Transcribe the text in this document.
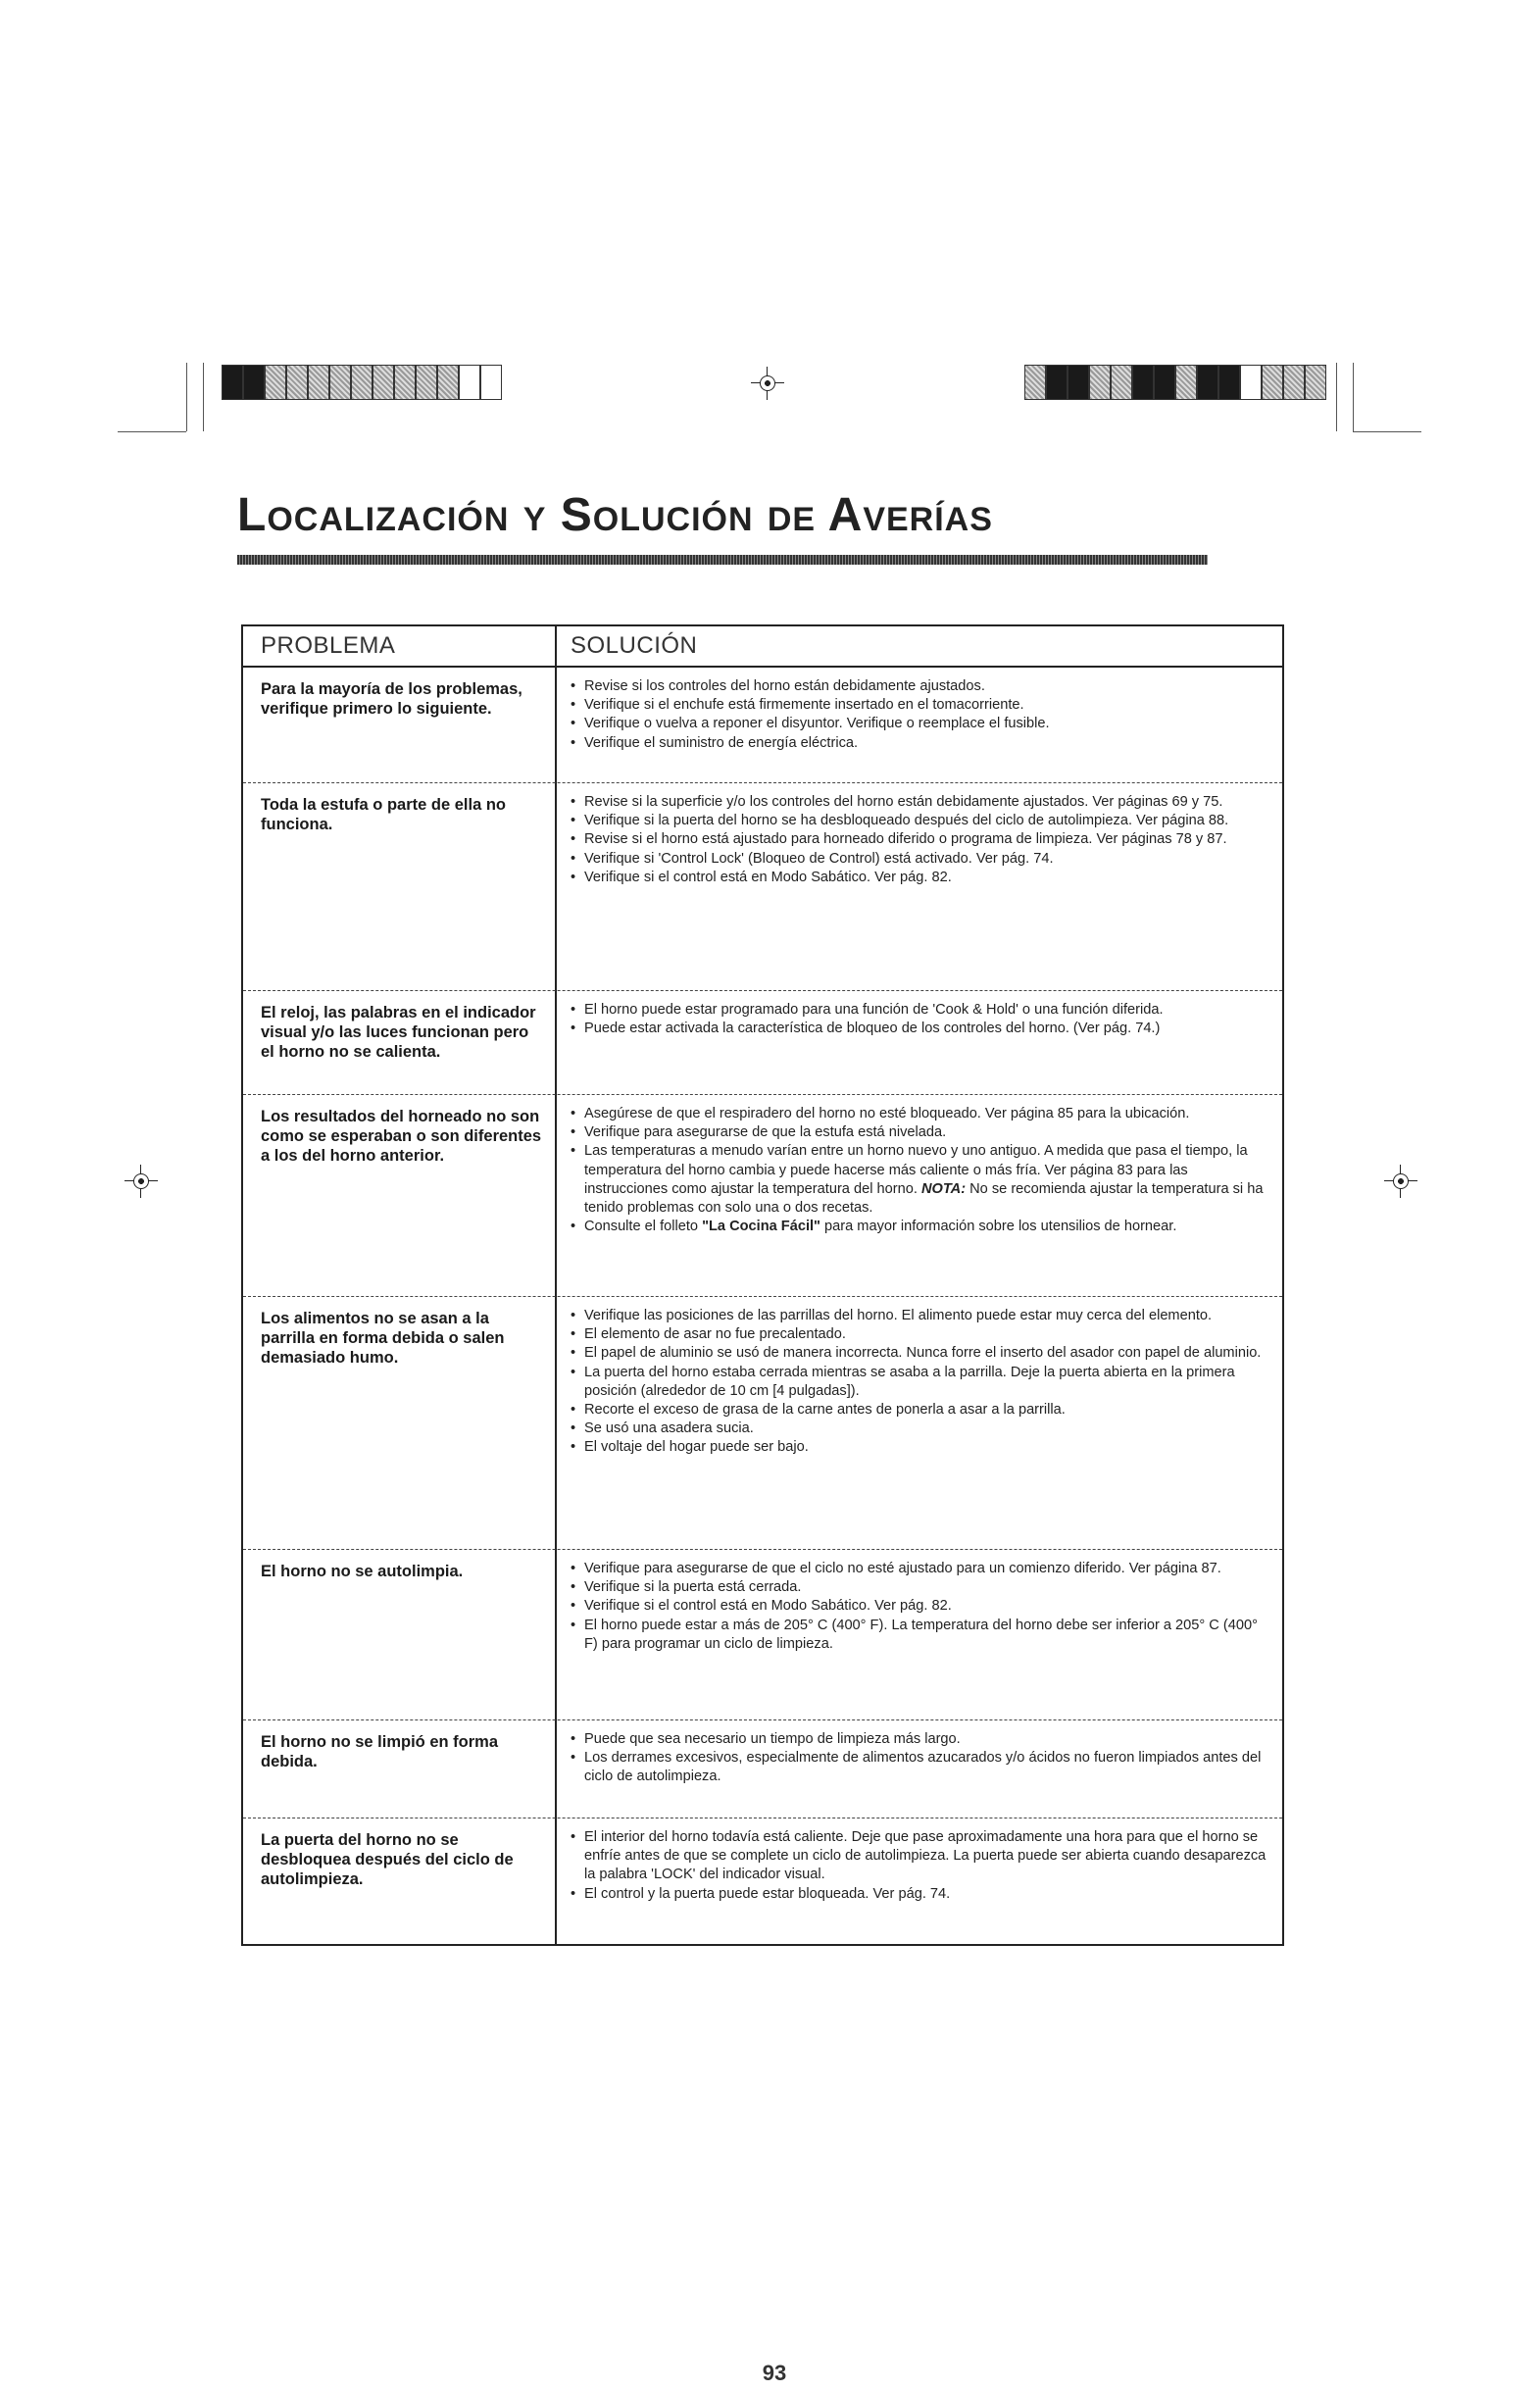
Localización y Solución de Averías
PROBLEMA	SOLUCIÓN
Para la mayoría de los problemas, verifique primero lo siguiente.
• Revise si los controles del horno están debidamente ajustados.
• Verifique si el enchufe está firmemente insertado en el tomacorriente.
• Verifique o vuelva a reponer el disyuntor. Verifique o reemplace el fusible.
• Verifique el suministro de energía eléctrica.
Toda la estufa o parte de ella no funciona.
• Revise si la superficie y/o los controles del horno están debidamente ajustados. Ver páginas 69 y 75.
• Verifique si la puerta del horno se ha desbloqueado después del ciclo de autolimpieza. Ver página 88.
• Revise si el horno está ajustado para horneado diferido o programa de limpieza. Ver páginas 78 y 87.
• Verifique si 'Control Lock' (Bloqueo de Control) está activado. Ver pág. 74.
• Verifique si el control está en Modo Sabático. Ver pág. 82.
El reloj, las palabras en el indicador visual y/o las luces funcionan pero el horno no se calienta.
• El horno puede estar programado para una función de 'Cook & Hold' o una función diferida.
• Puede estar activada la característica de bloqueo de los controles del horno. (Ver pág. 74.)
Los resultados del horneado no son como se esperaban o son diferentes a los del horno anterior.
• Asegúrese de que el respiradero del horno no esté bloqueado. Ver página 85 para la ubicación.
• Verifique para asegurarse de que la estufa está nivelada.
• Las temperaturas a menudo varían entre un horno nuevo y uno antiguo. A medida que pasa el tiempo, la temperatura del horno cambia y puede hacerse más caliente o más fría. Ver página 83 para las instrucciones como ajustar la temperatura del horno. NOTA: No se recomienda ajustar la temperatura si ha tenido problemas con solo una o dos recetas.
• Consulte el folleto "La Cocina Fácil" para mayor información sobre los utensilios de hornear.
Los alimentos no se asan a la parrilla en forma debida o salen demasiado humo.
• Verifique las posiciones de las parrillas del horno. El alimento puede estar muy cerca del elemento.
• El elemento de asar no fue precalentado.
• El papel de aluminio se usó de manera incorrecta. Nunca forre el inserto del asador con papel de aluminio.
• La puerta del horno estaba cerrada mientras se asaba a la parrilla. Deje la puerta abierta en la primera posición (alrededor de 10 cm [4 pulgadas]).
• Recorte el exceso de grasa de la carne antes de ponerla a asar a la parrilla.
• Se usó una asadera sucia.
• El voltaje del hogar puede ser bajo.
El horno no se autolimpia.
•	Verifique para asegurarse de que el ciclo no esté ajustado para un comienzo diferido. Ver página 87.
• Verifique si la puerta está cerrada.
• Verifique si el control está en Modo Sabático. Ver pág. 82.
• El horno puede estar a más de 205° C (400° F). La temperatura del horno debe ser inferior a 205° C (400° F) para programar un ciclo de limpieza.
El horno no se limpió en forma debida.
• Puede que sea necesario un tiempo de limpieza más largo.
• Los derrames excesivos, especialmente de alimentos azucarados y/o ácidos no fueron limpiados antes del ciclo de autolimpieza.
La puerta del horno no se desbloquea después del ciclo de autolimpieza.
• El interior del horno todavía está caliente. Deje que pase aproximadamente una hora para que el horno se enfríe antes de que se complete un ciclo de autolimpieza. La puerta puede ser abierta cuando desaparezca la palabra 'LOCK' del indicador visual.
• El control y la puerta puede estar bloqueada. Ver pág. 74.
93
